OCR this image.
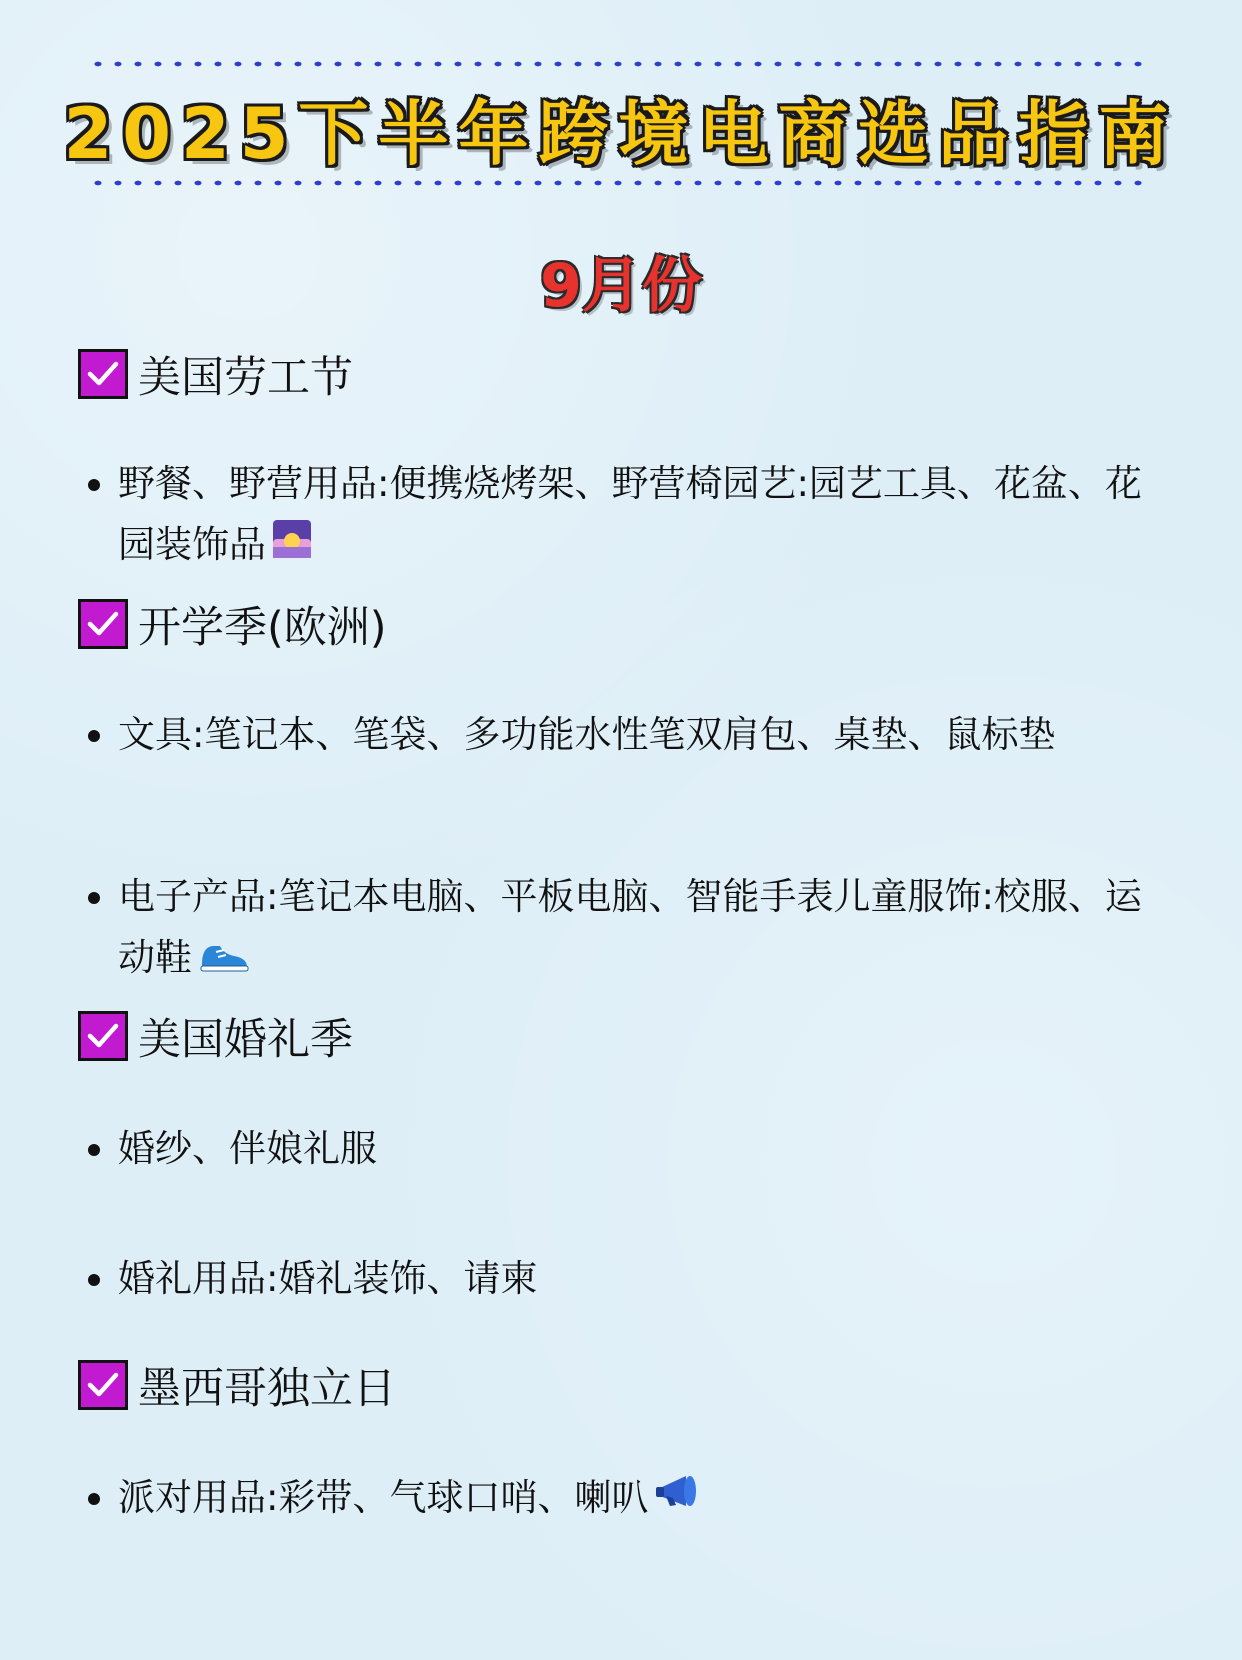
2025下半年跨境电商选品指南
9月份
美国劳工节
野餐、野营用品:便携烧烤架、野营椅园艺:园艺工具、花盆、花园装饰品
开学季(欧洲)
文具:笔记本、笔袋、多功能水性笔双肩包、桌垫、鼠标垫
电子产品:笔记本电脑、平板电脑、智能手表儿童服饰:校服、运动鞋
美国婚礼季
婚纱、伴娘礼服
婚礼用品:婚礼装饰、请柬
墨西哥独立日
派对用品:彩带、气球口哨、喇叭
